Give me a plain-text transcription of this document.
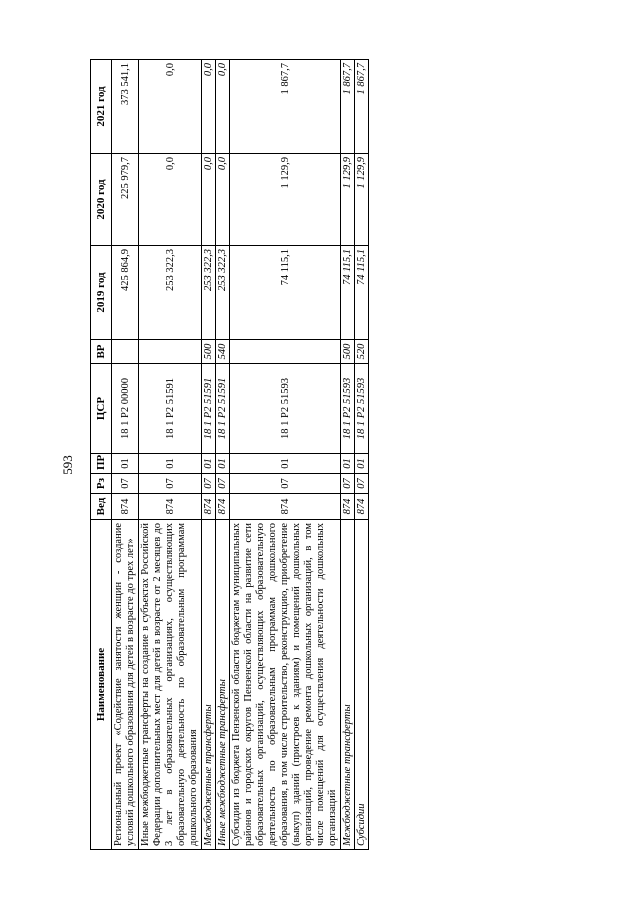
593
Наименование	Вед	Рз	ПР	ЦСР	ВР	2019 год	2020 год	2021 год
Региональный проект «Содействие занятости женщин - создание условий дошкольного образования для детей в возрасте до трех лет»	874	07	01	18 1 P2 00000		425 864,9	225 979,7	373 541,1
Иные межбюджетные трансферты на создание в субъектах Российской Федерации дополнительных мест для детей в возрасте от 2 месяцев до 3 лет в образовательных организациях, осуществляющих образовательную деятельность по образовательным программам дошкольного образования	874	07	01	18 1 P2 51591		253 322,3	0,0	0,0
Межбюджетные трансферты	874	07	01	18 1 P2 51591	500	253 322,3	0,0	0,0
Иные межбюджетные трансферты	874	07	01	18 1 P2 51591	540	253 322,3	0,0	0,0
Субсидии из бюджета Пензенской области бюджетам муниципальных районов и городских округов Пензенской области на развитие сети образовательных организаций, осуществляющих образовательную деятельность по образовательным программам дошкольного образования, в том числе строительство, реконструкцию, приобретение (выкуп) зданий (пристроев к зданиям) и помещений дошкольных организаций, проведение ремонта дошкольных организаций, в том числе помещений для осуществления деятельности дошкольных организаций	874	07	01	18 1 P2 51593		74 115,1	1 129,9	1 867,7
Межбюджетные трансферты	874	07	01	18 1 P2 51593	500	74 115,1	1 129,9	1 867,7
Субсидии	874	07	01	18 1 P2 51593	520	74 115,1	1 129,9	1 867,7
